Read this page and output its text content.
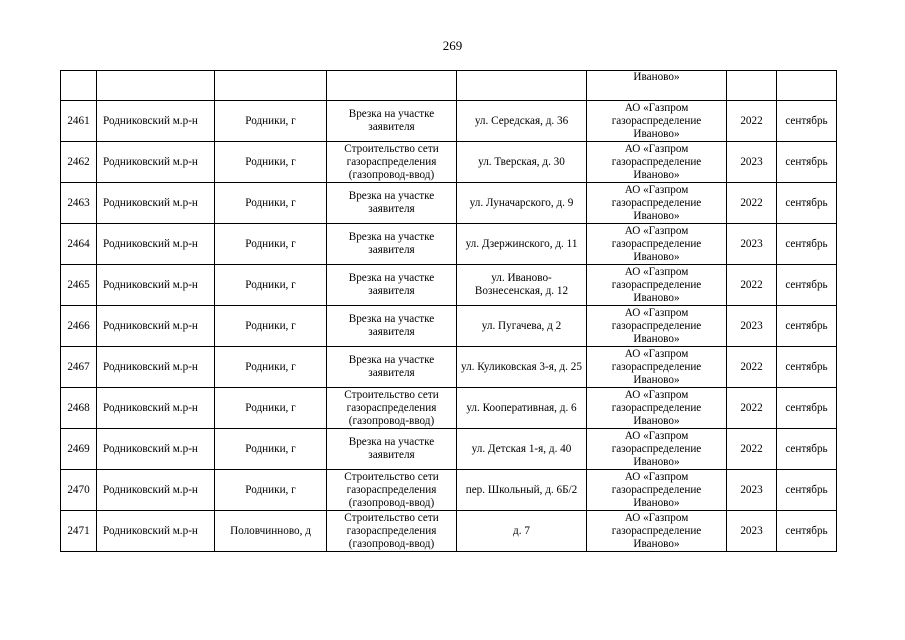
269
					Иваново»		
2461	Родниковский м.р-н	Родники, г	Врезка на участке заявителя	ул. Середская, д. 36	АО «Газпром газораспределение Иваново»	2022	сентябрь
2462	Родниковский м.р-н	Родники, г	Строительство сети газораспределения (газопровод-ввод)	ул. Тверская, д. 30	АО «Газпром газораспределение Иваново»	2023	сентябрь
2463	Родниковский м.р-н	Родники, г	Врезка на участке заявителя	ул. Луначарского, д. 9	АО «Газпром газораспределение Иваново»	2022	сентябрь
2464	Родниковский м.р-н	Родники, г	Врезка на участке заявителя	ул. Дзержинского, д. 11	АО «Газпром газораспределение Иваново»	2023	сентябрь
2465	Родниковский м.р-н	Родники, г	Врезка на участке заявителя	ул. Иваново-Вознесенская, д. 12	АО «Газпром газораспределение Иваново»	2022	сентябрь
2466	Родниковский м.р-н	Родники, г	Врезка на участке заявителя	ул. Пугачева, д 2	АО «Газпром газораспределение Иваново»	2023	сентябрь
2467	Родниковский м.р-н	Родники, г	Врезка на участке заявителя	ул. Куликовская 3-я, д. 25	АО «Газпром газораспределение Иваново»	2022	сентябрь
2468	Родниковский м.р-н	Родники, г	Строительство сети газораспределения (газопровод-ввод)	ул. Кооперативная, д. 6	АО «Газпром газораспределение Иваново»	2022	сентябрь
2469	Родниковский м.р-н	Родники, г	Врезка на участке заявителя	ул. Детская 1-я, д. 40	АО «Газпром газораспределение Иваново»	2022	сентябрь
2470	Родниковский м.р-н	Родники, г	Строительство сети газораспределения (газопровод-ввод)	пер. Школьный, д. 6Б/2	АО «Газпром газораспределение Иваново»	2023	сентябрь
2471	Родниковский м.р-н	Половчинново, д	Строительство сети газораспределения (газопровод-ввод)	д. 7	АО «Газпром газораспределение Иваново»	2023	сентябрь
